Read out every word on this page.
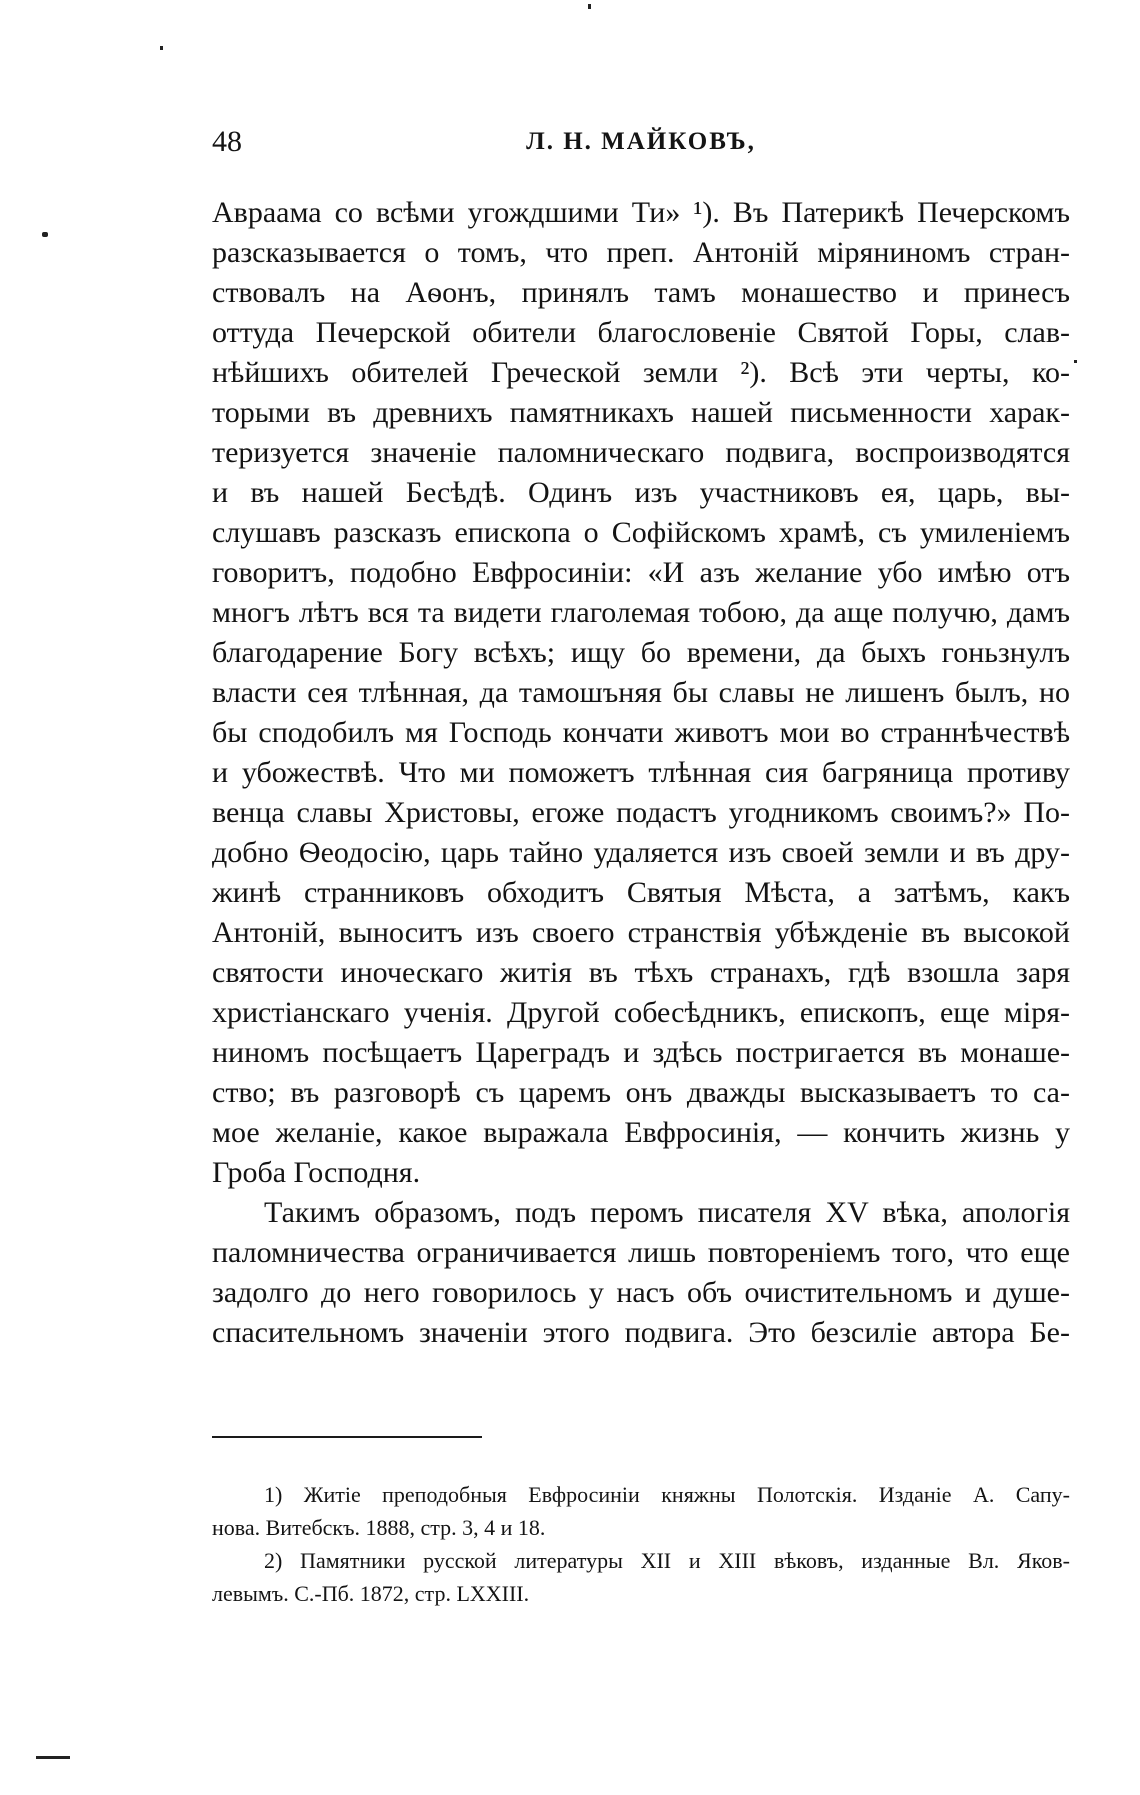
48	Л. Н. МАЙКОВЪ,
Авраама со всѣми угождшими Ти» ¹). Въ Патерикѣ Печерскомъ
разсказывается о томъ, что преп. Антоній міряниномъ стран-
ствовалъ на Аѳонъ, принялъ тамъ монашество и принесъ
оттуда Печерской обители благословеніе Святой Горы, слав-
нѣйшихъ обителей Греческой земли ²). Всѣ эти черты, ко-
торыми въ древнихъ памятникахъ нашей письменности харак-
теризуется значеніе паломническаго подвига, воспроизводятся
и въ нашей Бесѣдѣ. Одинъ изъ участниковъ ея, царь, вы-
слушавъ разсказъ епископа о Софійскомъ храмѣ, съ умиленіемъ
говоритъ, подобно Евфросиніи: «И азъ желание убо имѣю отъ
многъ лѣтъ вся та видети глаголемая тобою, да аще получю, дамъ
благодарение Богу всѣхъ; ищу бо времени, да быхъ гоньзнулъ
власти сея тлѣнная, да тамошъняя бы славы не лишенъ былъ, но
бы сподобилъ мя Господь кончати животъ мои во страннѣчествѣ
и убожествѣ. Что ми поможетъ тлѣнная сия багряница противу
венца славы Христовы, егоже подастъ угодникомъ своимъ?» По-
добно Ѳеодосію, царь тайно удаляется изъ своей земли и въ дру-
жинѣ странниковъ обходитъ Святыя Мѣста, а затѣмъ, какъ
Антоній, выноситъ изъ своего странствія убѣжденіе въ высокой
святости иноческаго житія въ тѣхъ странахъ, гдѣ взошла заря
христіанскаго ученія. Другой собесѣдникъ, епископъ, еще міря-
ниномъ посѣщаетъ Цареградъ и здѣсь постригается въ монаше-
ство; въ разговорѣ съ царемъ онъ дважды высказываетъ то са-
мое желаніе, какое выражала Евфросинія, — кончить жизнь у
Гроба Господня.
Такимъ образомъ, подъ перомъ писателя XV вѣка, апологія
паломничества ограничивается лишь повтореніемъ того, что еще
задолго до него говорилось у насъ объ очистительномъ и душе-
спасительномъ значеніи этого подвига. Это безсиліе автора Бе-
1) Житіе преподобныя Евфросиніи княжны Полотскія. Изданіе А. Сапу-
нова. Витебскъ. 1888, стр. 3, 4 и 18.
2) Памятники русской литературы XII и XIII вѣковъ, изданные Вл. Яков-
левымъ. С.-Пб. 1872, стр. LXXIII.
